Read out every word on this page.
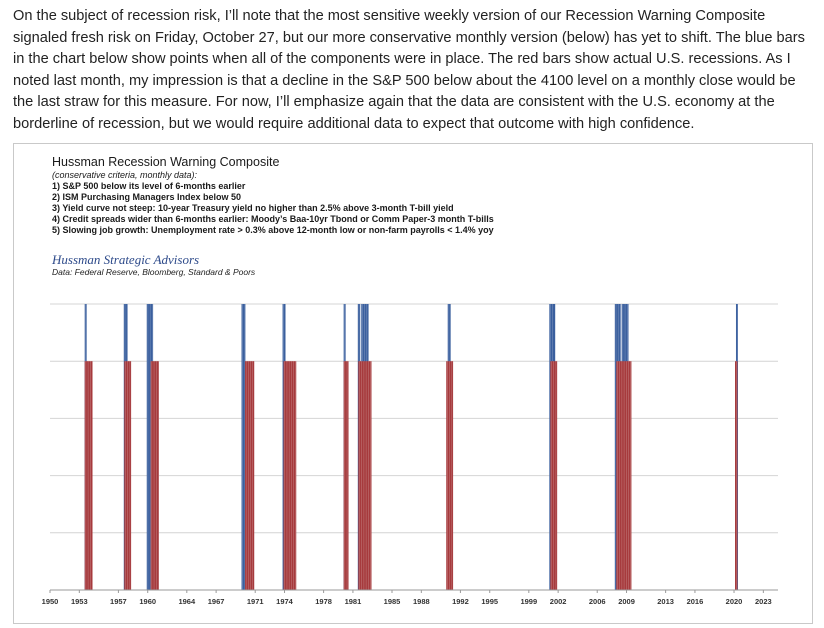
On the subject of recession risk, I’ll note that the most sensitive weekly version of our Recession Warning Composite signaled fresh risk on Friday, October 27, but our more conservative monthly version (below) has yet to shift. The blue bars in the chart below show points when all of the components were in place. The red bars show actual U.S. recessions. As I noted last month, my impression is that a decline in the S&P 500 below about the 4100 level on a monthly close would be the last straw for this measure. For now, I’ll emphasize again that the data are consistent with the U.S. economy at the borderline of recession, but we would require additional data to expect that outcome with high confidence.
Hussman Recession Warning Composite
(conservative criteria, monthly data):
1) S&P 500 below its level of 6-months earlier
2) ISM Purchasing Managers Index below 50
3) Yield curve not steep: 10-year Treasury yield no higher than 2.5% above 3-month T-bill yield
4) Credit spreads wider than 6-months earlier: Moody’s Baa-10yr Tbond or Comm Paper-3 month T-bills
5) Slowing job growth: Unemployment rate > 0.3% above 12-month low or non-farm payrolls < 1.4% yoy
Hussman Strategic Advisors
Data: Federal Reserve, Bloomberg, Standard & Poors
1950 1953	1957 1960	1964 1967	1971 1974	1978 1981	1985 1988	1992 1995	1999 2002	2006 2009	2013 2016	2020 2023
